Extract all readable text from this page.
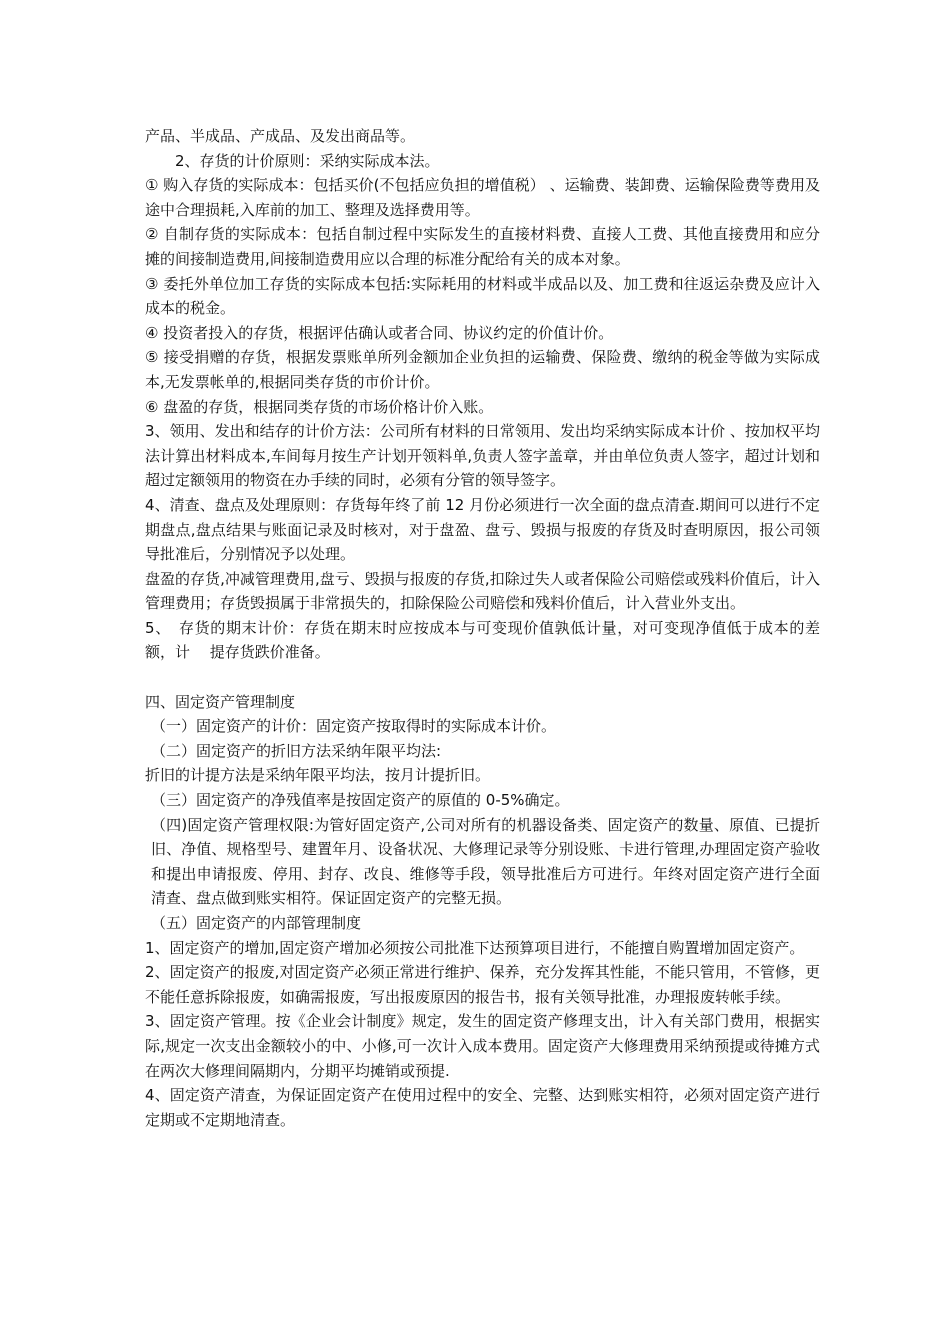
产品、半成品、产成品、及发出商品等。

2、存货的计价原则：采纳实际成本法。

① 购入存货的实际成本：包括买价(不包括应负担的增值税） 、运输费、装卸费、运输保险费等费用及途中合理损耗,入库前的加工、整理及选择费用等。

② 自制存货的实际成本：包括自制过程中实际发生的直接材料费、直接人工费、其他直接费用和应分摊的间接制造费用,间接制造费用应以合理的标准分配给有关的成本对象。

③ 委托外单位加工存货的实际成本包括:实际耗用的材料或半成品以及、加工费和往返运杂费及应计入成本的税金。

④ 投资者投入的存货，根据评估确认或者合同、协议约定的价值计价。

⑤ 接受捐赠的存货，根据发票账单所列金额加企业负担的运输费、保险费、缴纳的税金等做为实际成本,无发票帐单的,根据同类存货的市价计价。

⑥ 盘盈的存货，根据同类存货的市场价格计价入账。

3、领用、发出和结存的计价方法：公司所有材料的日常领用、发出均采纳实际成本计价 、按加权平均法计算出材料成本,车间每月按生产计划开领料单,负责人签字盖章，并由单位负责人签字，超过计划和超过定额领用的物资在办手续的同时，必须有分管的领导签字。

4、清查、盘点及处理原则：存货每年终了前 12 月份必须进行一次全面的盘点清查.期间可以进行不定期盘点,盘点结果与账面记录及时核对，对于盘盈、盘亏、毁损与报废的存货及时查明原因，报公司领导批准后，分别情况予以处理。

盘盈的存货,冲减管理费用,盘亏、毁损与报废的存货,扣除过失人或者保险公司赔偿或残料价值后，计入管理费用；存货毁损属于非常损失的，扣除保险公司赔偿和残料价值后，计入营业外支出。

5、　存货的期末计价：存货在期末时应按成本与可变现价值孰低计量，对可变现净值低于成本的差额，计　 提存货跌价准备。

四、固定资产管理制度

（一）固定资产的计价：固定资产按取得时的实际成本计价。

（二）固定资产的折旧方法采纳年限平均法:

折旧的计提方法是采纳年限平均法，按月计提折旧。

（三）固定资产的净残值率是按固定资产的原值的 0-5%确定。

（四)固定资产管理权限:为管好固定资产,公司对所有的机器设备类、固定资产的数量、原值、已提折旧、净值、规格型号、建置年月、设备状况、大修理记录等分别设账、卡进行管理,办理固定资产验收和提出申请报废、停用、封存、改良、维修等手段，领导批准后方可进行。年终对固定资产进行全面清查、盘点做到账实相符。保证固定资产的完整无损。

（五）固定资产的内部管理制度

1、固定资产的增加,固定资产增加必须按公司批准下达预算项目进行，不能擅自购置增加固定资产。

2、固定资产的报废,对固定资产必须正常进行维护、保养，充分发挥其性能，不能只管用，不管修，更不能任意拆除报废，如确需报废，写出报废原因的报告书，报有关领导批准，办理报废转帐手续。

3、固定资产管理。按《企业会计制度》规定，发生的固定资产修理支出，计入有关部门费用，根据实际,规定一次支出金额较小的中、小修,可一次计入成本费用。固定资产大修理费用采纳预提或待摊方式在两次大修理间隔期内，分期平均摊销或预提.

4、固定资产清查，为保证固定资产在使用过程中的安全、完整、达到账实相符，必须对固定资产进行定期或不定期地清查。
